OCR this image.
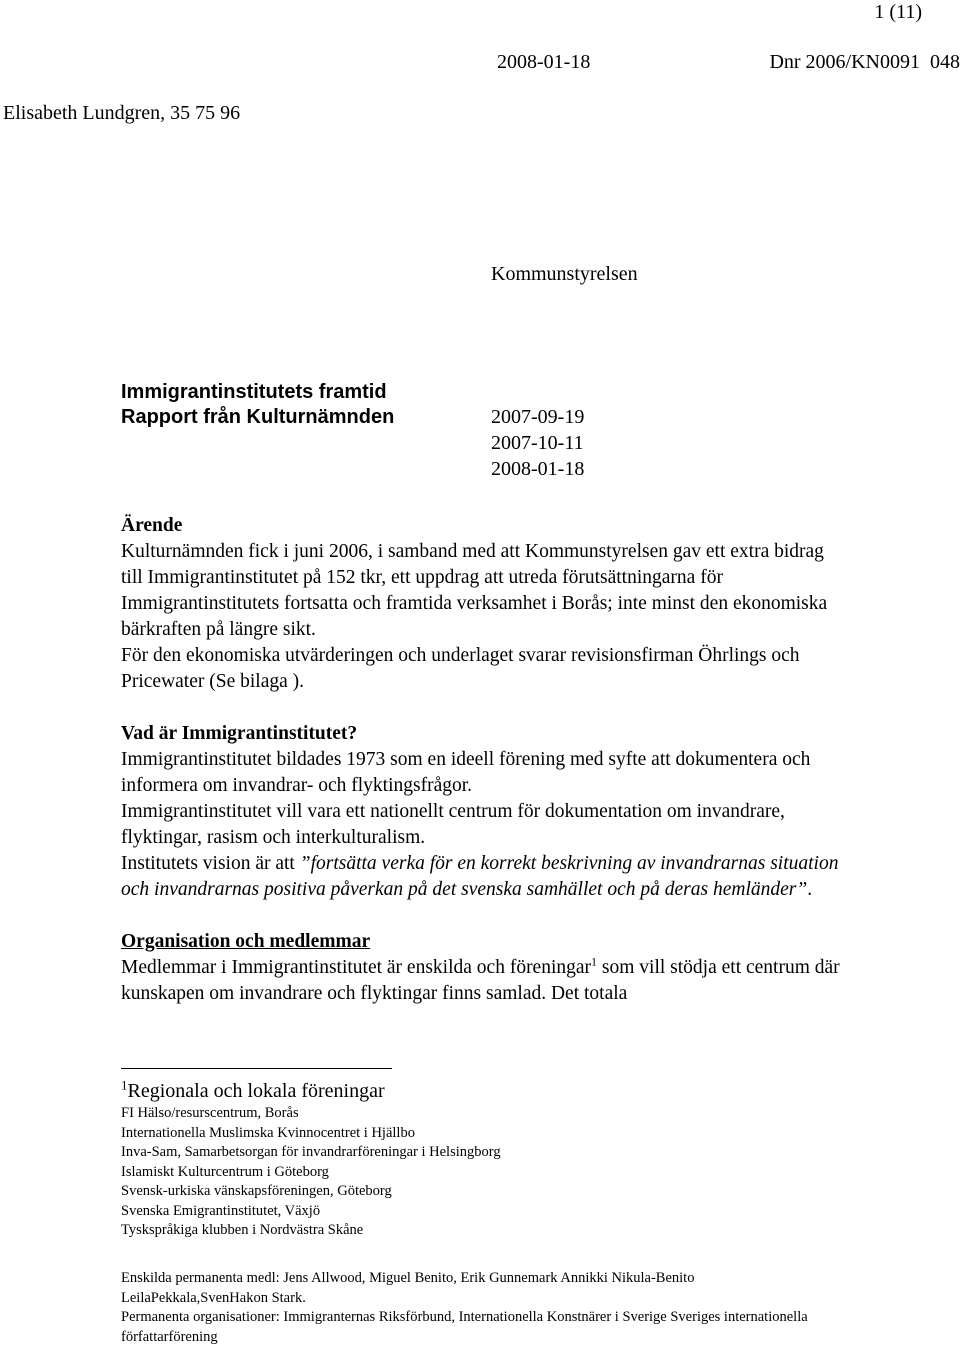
1 (11)
2008-01-18	Dnr 2006/KN0091  048
Elisabeth Lundgren, 35 75 96
Kommunstyrelsen
Immigrantinstitutets framtid
Rapport från Kulturnämnden	2007-09-19
2007-10-11
2008-01-18

Ärende

Kulturnämnden fick i juni 2006, i samband med att Kommunstyrelsen gav ett extra bidrag till Immigrantinstitutet på 152 tkr, ett uppdrag att utreda förutsättningarna för Immigrantinstitutets fortsatta och framtida verksamhet i Borås; inte minst den ekonomiska bärkraften på längre sikt.

För den ekonomiska utvärderingen och underlaget svarar revisionsfirman Öhrlings och Pricewater (Se bilaga ).

Vad är Immigrantinstitutet?

Immigrantinstitutet bildades 1973 som en ideell förening med syfte att dokumentera och informera om invandrar- och flyktingsfrågor.

Immigrantinstitutet vill vara ett nationellt centrum för dokumentation om invandrare, flyktingar, rasism och interkulturalism.

Institutets vision är att ”fortsätta verka för en korrekt beskrivning av invandrarnas situation och invandrarnas positiva påverkan på det svenska samhället och på deras hemländer”.

Organisation och medlemmar

Medlemmar i Immigrantinstitutet är enskilda och föreningar$^1$ som vill stödja ett centrum där kunskapen om invandrare och flyktingar finns samlad. Det totala

$^1$Regionala och lokala föreningar

FI Hälso/resurscentrum, Borås

Internationella Muslimska Kvinnocentret i Hjällbo

Inva-Sam, Samarbetsorgan för invandrarföreningar i Helsingborg

Islamiskt Kulturcentrum i Göteborg

Svensk-urkiska vänskapsföreningen, Göteborg

Svenska Emigrantinstitutet, Växjö

Tyskspråkiga klubben i Nordvästra Skåne

Enskilda permanenta medl: Jens Allwood, Miguel Benito, Erik Gunnemark Annikki Nikula-Benito LeilaPekkala,SvenHakon Stark.

Permanenta organisationer: Immigranternas Riksförbund, Internationella Konstnärer i Sverige Sveriges internationella författarförening
